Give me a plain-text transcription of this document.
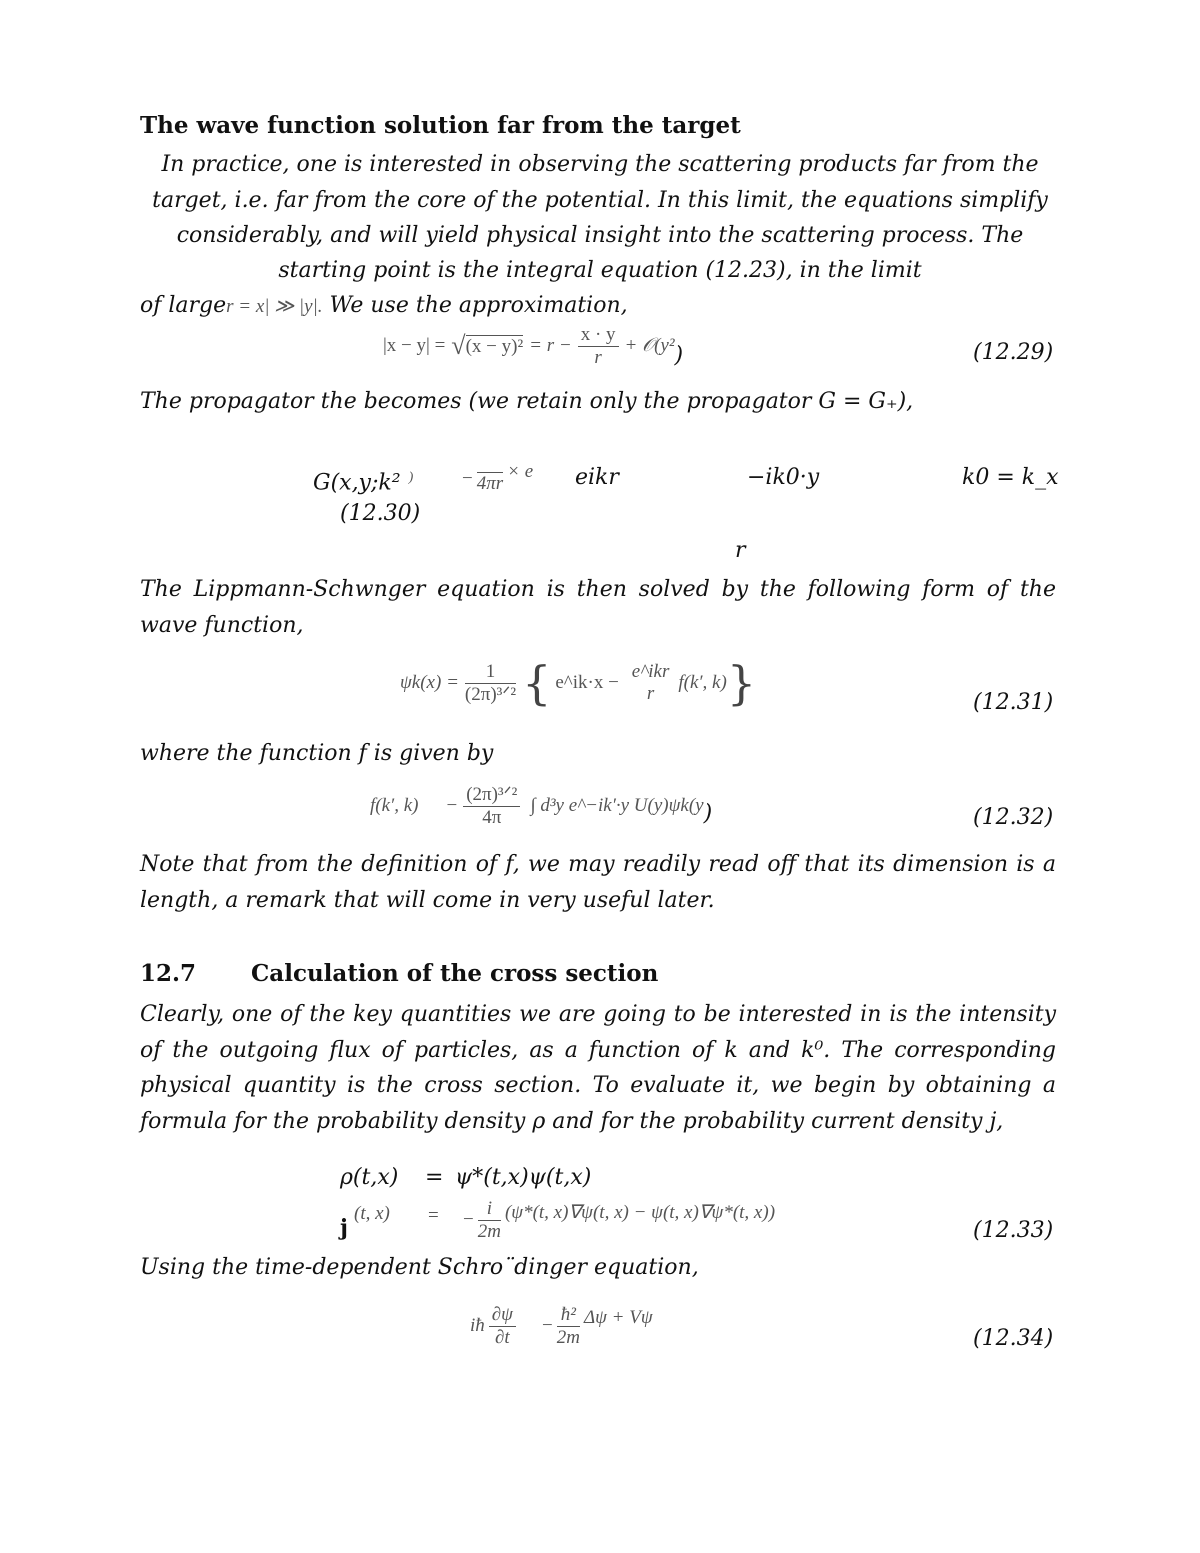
The wave function solution far from the target
In practice, one is interested in observing the scattering products far from the
target, i.e. far from the core of the potential. In this limit, the equations simplify
considerably, and will yield physical insight into the scattering process. The
starting point is the integral equation (12.23), in the limit
of larger = x| ≫ |y|. We use the approximation,
|x − y| = √ $(x - y)^2 = r - \frac{x \cdot y}{r}$ + 𝒪(y² )	(12.29)
The propagator the becomes (we retain only the propagator G = G₊),
G(x,y;k² )	− 4πr
× e eikr	−ik0·y	k0 = k_x
(12.30)
r
The Lippmann-Schwnger equation is then solved by the following form of the
wave function,
$\psi k(x) = \frac{1}{\text{(2π)³ᐟ²}}$ { e^ik·x −
e^ikr
r
f(k′, k) }	(12.31)
where the function f is given by
f(k′, $k) - \frac{\text{(2π)³ᐟ²}}{4\pi}$ ∫ d³y e^−ik′·y U(y)ψk(y )	(12.32)
Note that from the definition of f, we may readily read off that its dimension is a
length, a remark that will come in very useful later.
12.7 Calculation of the cross section
Clearly, one of the key quantities we are going to be interested in is the intensity
of the outgoing flux of particles, as a function of k and k⁰. The corresponding
physical quantity is the cross section. To evaluate it, we begin by obtaining a
formula for the probability density ρ and for the probability current density j,
ρ(t,x) = ψ*(t,x)ψ(t,x)
j
(t, x) = − $\frac{i}{2m} (\psi*(t$, x)∇ψ(t, x) − ψ(t, x)∇ψ*(t, x))
(12.33)
Using the time-dependent Schro¨dinger equation,
iħ $\frac{\partial\psi}{\partial t} - \frac{\text{ħ²}}{2m}$ Δψ + Vψ
(12.34)
